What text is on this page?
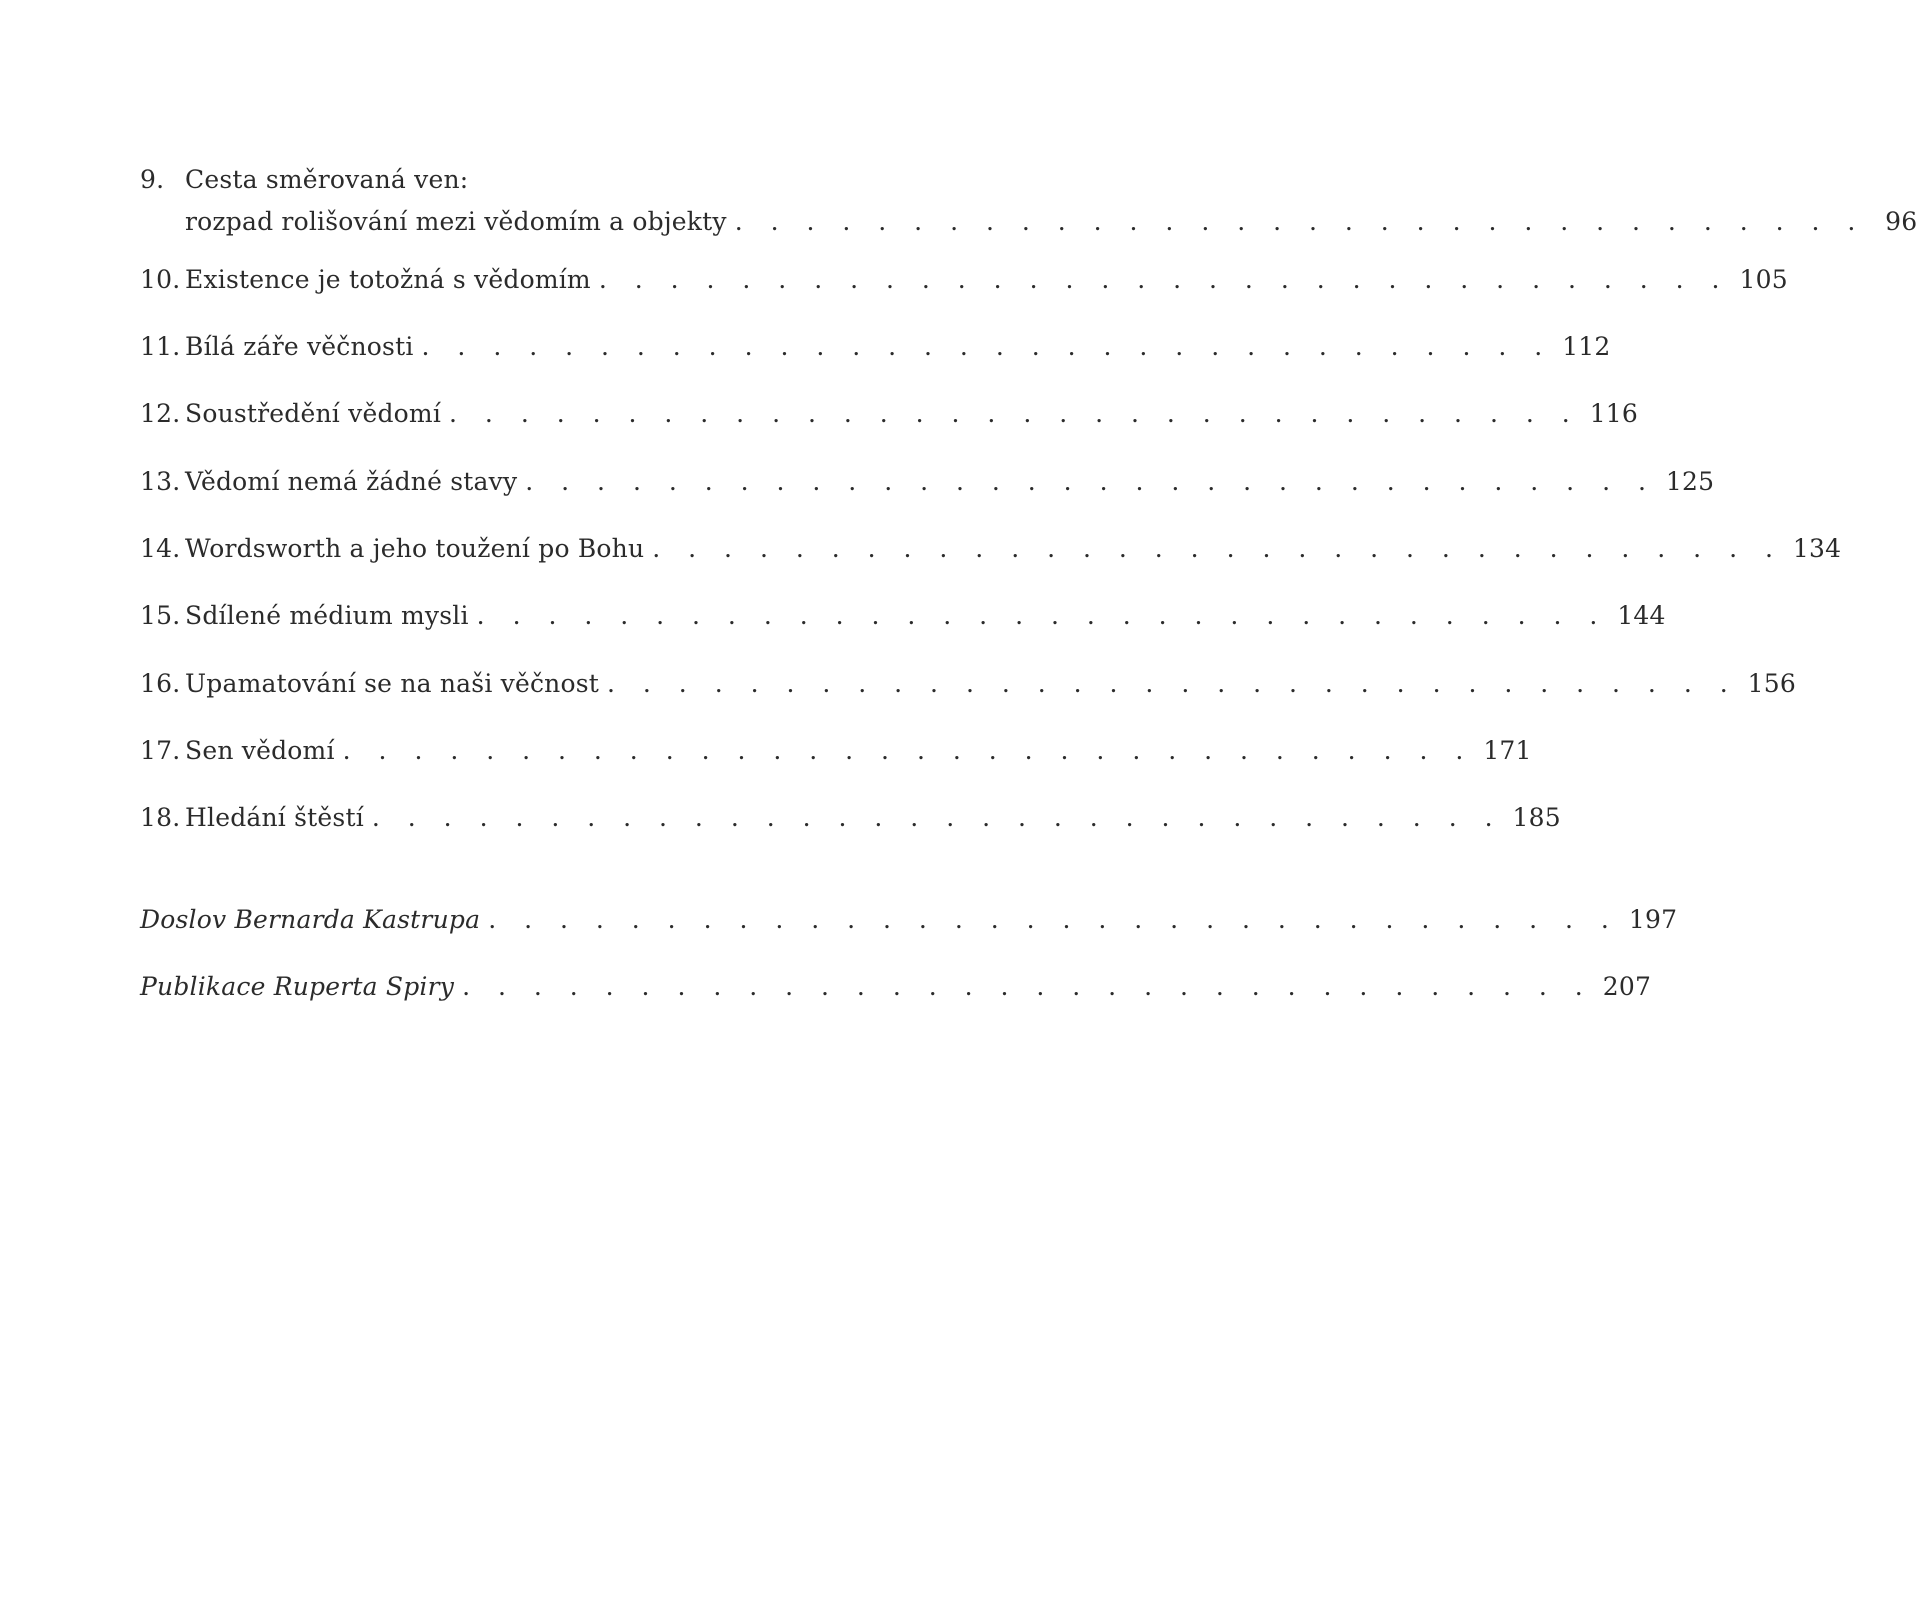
9. Cesta směrovaná ven:
rozpad rolišování mezi vědomím a objekty . . . . . . . . . . . . . . . . . . . . . . . . . . . . . . . . 96
10. Existence je totožná s vědomím . . . . . . . . . . . . . . . . . . . . . . . . . . . . . . . . 105
11. Bílá záře věčnosti . . . . . . . . . . . . . . . . . . . . . . . . . . . . . . . . 112
12. Soustředění vědomí . . . . . . . . . . . . . . . . . . . . . . . . . . . . . . . . 116
13. Vědomí nemá žádné stavy . . . . . . . . . . . . . . . . . . . . . . . . . . . . . . . . 125
14. Wordsworth a jeho toužení po Bohu . . . . . . . . . . . . . . . . . . . . . . . . . . . . . . . . 134
15. Sdílené médium mysli . . . . . . . . . . . . . . . . . . . . . . . . . . . . . . . . 144
16. Upamatování se na naši věčnost . . . . . . . . . . . . . . . . . . . . . . . . . . . . . . . . 156
17. Sen vědomí . . . . . . . . . . . . . . . . . . . . . . . . . . . . . . . . 171
18. Hledání štěstí . . . . . . . . . . . . . . . . . . . . . . . . . . . . . . . . 185
Doslov Bernarda Kastrupa . . . . . . . . . . . . . . . . . . . . . . . . . . . . . . . . 197
Publikace Ruperta Spiry . . . . . . . . . . . . . . . . . . . . . . . . . . . . . . . . 207
